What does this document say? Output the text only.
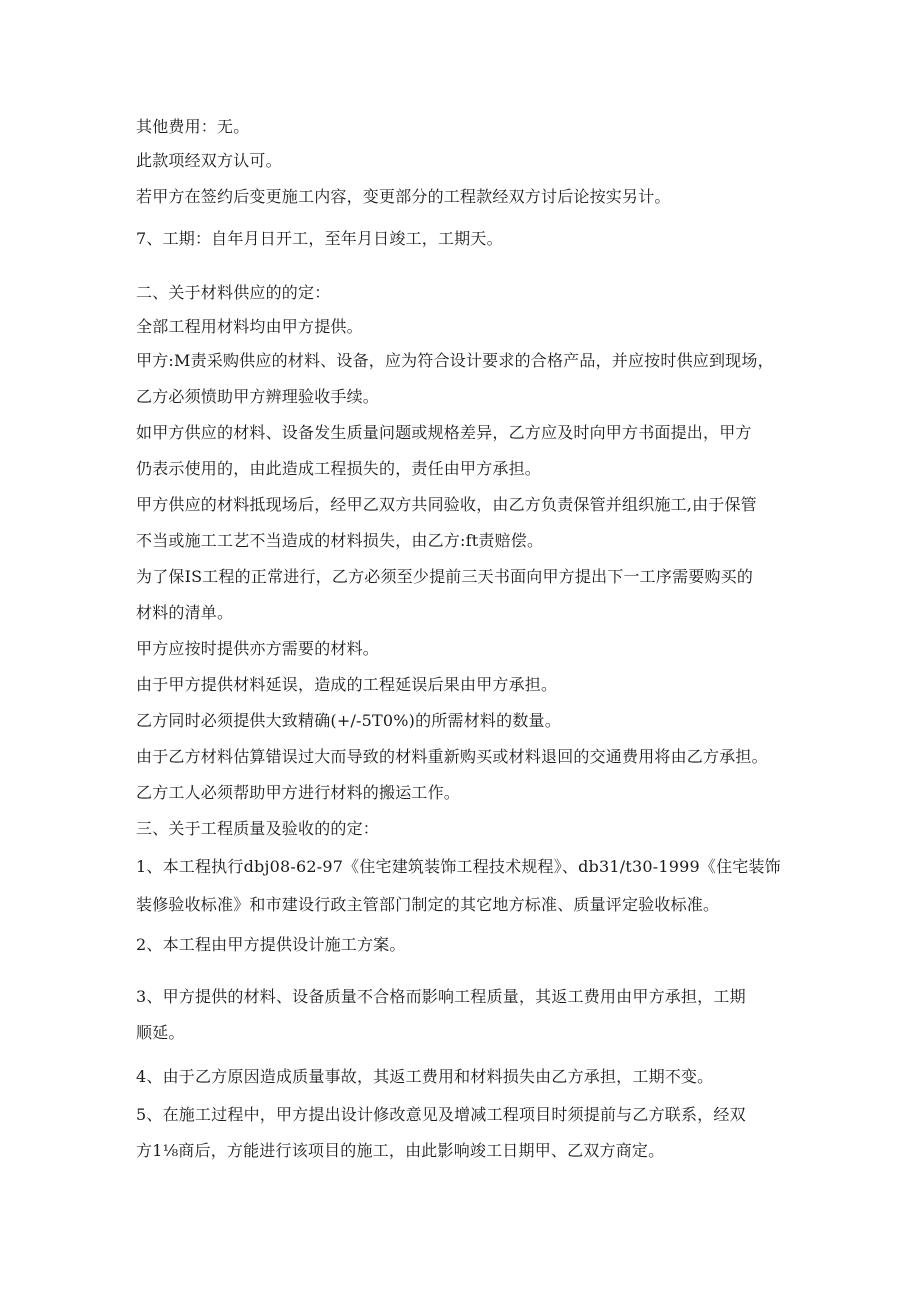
其他费用：无。
此款项经双方认可。
若甲方在签约后变更施工内容，变更部分的工程款经双方讨后论按实另计。
7、工期：自年月日开工，至年月日竣工，工期天。
二、关于材料供应的的定：
全部工程用材料均由甲方提供。
甲方:M责采购供应的材料、设备，应为符合设计要求的合格产品，并应按时供应到现场，
乙方必须愤助甲方辨理验收手续。
如甲方供应的材料、设备发生质量问题或规格差异，乙方应及时向甲方书面提出，甲方
仍表示使用的，由此造成工程损失的，责任由甲方承担。
甲方供应的材料抵现场后，经甲乙双方共同验收，由乙方负责保管并组织施工,由于保管
不当或施工工艺不当造成的材料损失，由乙方:ft责赔偿。
为了保IS工程的正常进行，乙方必须至少提前三天书面向甲方提出下一工序需要购买的
材料的清单。
甲方应按时提供亦方需要的材料。
由于甲方提供材料延误，造成的工程延误后果由甲方承担。
乙方同时必须提供大致精确(+/-5T0%)的所需材料的数量。
由于乙方材料估算错误过大而导致的材料重新购买或材料退回的交通费用将由乙方承担。
乙方工人必须帮助甲方进行材料的搬运工作。
三、关于工程质量及验收的的定：
1、本工程执行dbj08-62-97《住宅建筑装饰工程技术规程》、db31∕t30-1999《住宅装饰
装修验收标准》和市建设行政主管部门制定的其它地方标准、质量评定验收标准。
2、本工程由甲方提供设计施工方案。
3、甲方提供的材料、设备质量不合格而影响工程质量，其返工费用由甲方承担，工期
顺延。
4、由于乙方原因造成质量事故，其返工费用和材料损失由乙方承担，工期不变。
5、在施工过程中，甲方提出设计修改意见及增减工程项目时须提前与乙方联系，经双
方1⅛商后，方能进行该项目的施工，由此影响竣工日期甲、乙双方商定。
